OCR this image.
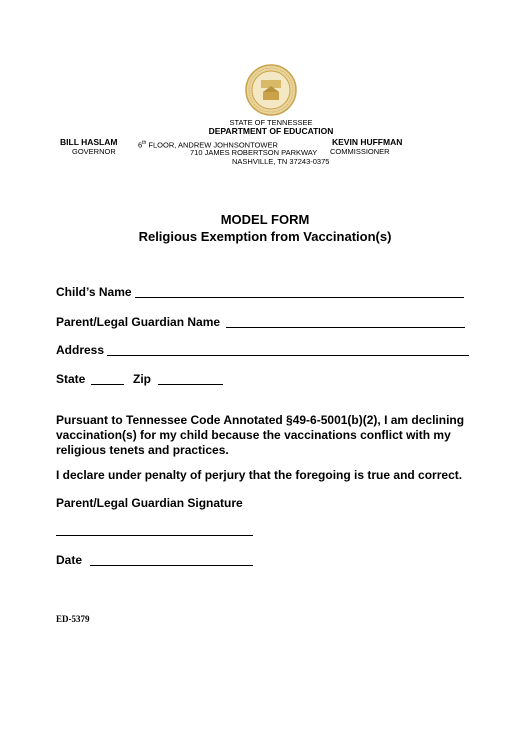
STATE OF TENNESSEE
DEPARTMENT OF EDUCATION
BILL HASLAM
GOVERNOR
6th FLOOR, ANDREW JOHNSONTOWER
710 JAMES ROBERTSON PARKWAY
NASHVILLE, TN 37243-0375
KEVIN HUFFMAN
COMMISSIONER
MODEL FORM
Religious Exemption from Vaccination(s)
Child’s Name
Parent/Legal Guardian Name
Address
State	Zip
Pursuant to Tennessee Code Annotated §49-6-5001(b)(2), I am declining vaccination(s) for my child because the vaccinations conflict with my religious tenets and practices.
I declare under penalty of perjury that the foregoing is true and correct.
Parent/Legal Guardian Signature
Date
ED-5379
